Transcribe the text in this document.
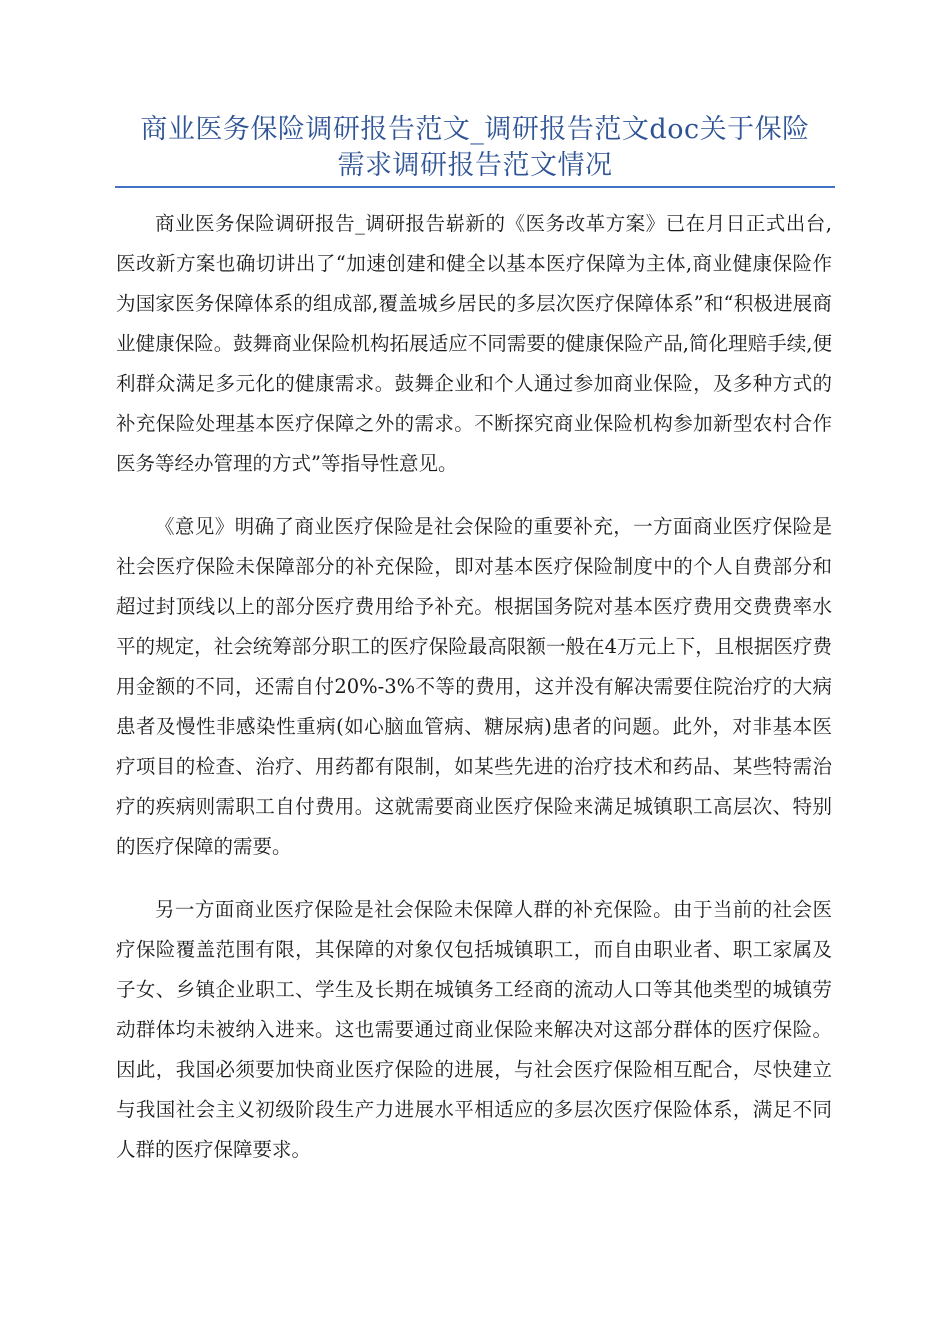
商业医务保险调研报告范文_调研报告范文doc关于保险
需求调研报告范文情况

商业医务保险调研报告_调研报告崭新的《医务改革方案》已在月日正式出台,医改新方案也确切讲出了“加速创建和健全以基本医疗保障为主体,商业健康保险作为国家医务保障体系的组成部,覆盖城乡居民的多层次医疗保障体系”和“积极进展商业健康保险。鼓舞商业保险机构拓展适应不同需要的健康保险产品,简化理赔手续,便利群众满足多元化的健康需求。鼓舞企业和个人通过参加商业保险，及多种方式的补充保险处理基本医疗保障之外的需求。不断探究商业保险机构参加新型农村合作医务等经办管理的方式”等指导性意见。

《意见》明确了商业医疗保险是社会保险的重要补充，一方面商业医疗保险是社会医疗保险未保障部分的补充保险，即对基本医疗保险制度中的个人自费部分和超过封顶线以上的部分医疗费用给予补充。根据国务院对基本医疗费用交费费率水平的规定，社会统筹部分职工的医疗保险最高限额一般在4万元上下，且根据医疗费用金额的不同，还需自付20%-3%不等的费用，这并没有解决需要住院治疗的大病患者及慢性非感染性重病(如心脑血管病、糖尿病)患者的问题。此外，对非基本医疗项目的检查、治疗、用药都有限制，如某些先进的治疗技术和药品、某些特需治疗的疾病则需职工自付费用。这就需要商业医疗保险来满足城镇职工高层次、特别的医疗保障的需要。

另一方面商业医疗保险是社会保险未保障人群的补充保险。由于当前的社会医疗保险覆盖范围有限，其保障的对象仅包括城镇职工，而自由职业者、职工家属及子女、乡镇企业职工、学生及长期在城镇务工经商的流动人口等其他类型的城镇劳动群体均未被纳入进来。这也需要通过商业保险来解决对这部分群体的医疗保险。因此，我国必须要加快商业医疗保险的进展，与社会医疗保险相互配合，尽快建立与我国社会主义初级阶段生产力进展水平相适应的多层次医疗保险体系，满足不同人群的医疗保障要求。
